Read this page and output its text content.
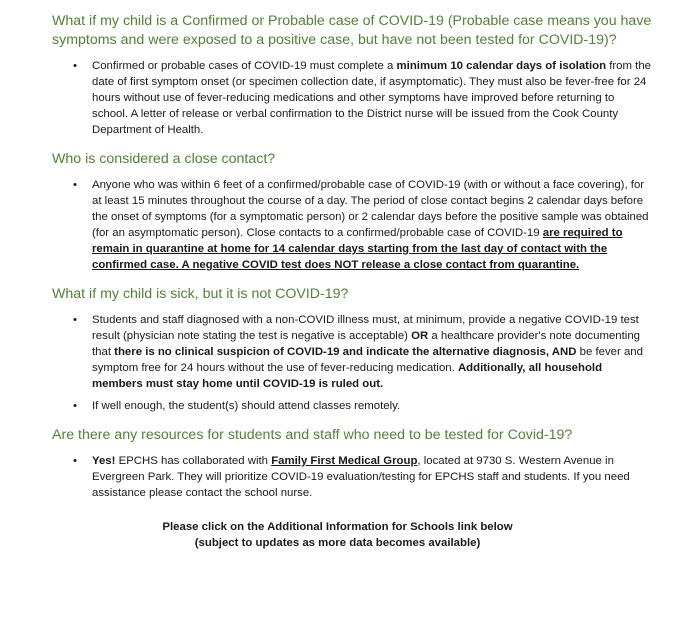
What if my child is a Confirmed or Probable case of COVID-19 (Probable case means you have symptoms and were exposed to a positive case, but have not been tested for COVID-19)?
• Confirmed or probable cases of COVID-19 must complete a minimum 10 calendar days of isolation from the date of first symptom onset (or specimen collection date, if asymptomatic). They must also be fever-free for 24 hours without use of fever-reducing medications and other symptoms have improved before returning to school. A letter of release or verbal confirmation to the District nurse will be issued from the Cook County Department of Health.
Who is considered a close contact?
• Anyone who was within 6 feet of a confirmed/probable case of COVID-19 (with or without a face covering), for at least 15 minutes throughout the course of a day. The period of close contact begins 2 calendar days before the onset of symptoms (for a symptomatic person) or 2 calendar days before the positive sample was obtained (for an asymptomatic person). Close contacts to a confirmed/probable case of COVID-19 are required to remain in quarantine at home for 14 calendar days starting from the last day of contact with the confirmed case. A negative COVID test does NOT release a close contact from quarantine.
What if my child is sick, but it is not COVID-19?
• Students and staff diagnosed with a non-COVID illness must, at minimum, provide a negative COVID-19 test result (physician note stating the test is negative is acceptable) OR a healthcare provider's note documenting that there is no clinical suspicion of COVID-19 and indicate the alternative diagnosis, AND be fever and symptom free for 24 hours without the use of fever-reducing medication. Additionally, all household members must stay home until COVID-19 is ruled out.
• If well enough, the student(s) should attend classes remotely.
Are there any resources for students and staff who need to be tested for Covid-19?
• Yes! EPCHS has collaborated with Family First Medical Group, located at 9730 S. Western Avenue in Evergreen Park. They will prioritize COVID-19 evaluation/testing for EPCHS staff and students. If you need assistance please contact the school nurse.
Please click on the Additional Information for Schools link below
(subject to updates as more data becomes available)
